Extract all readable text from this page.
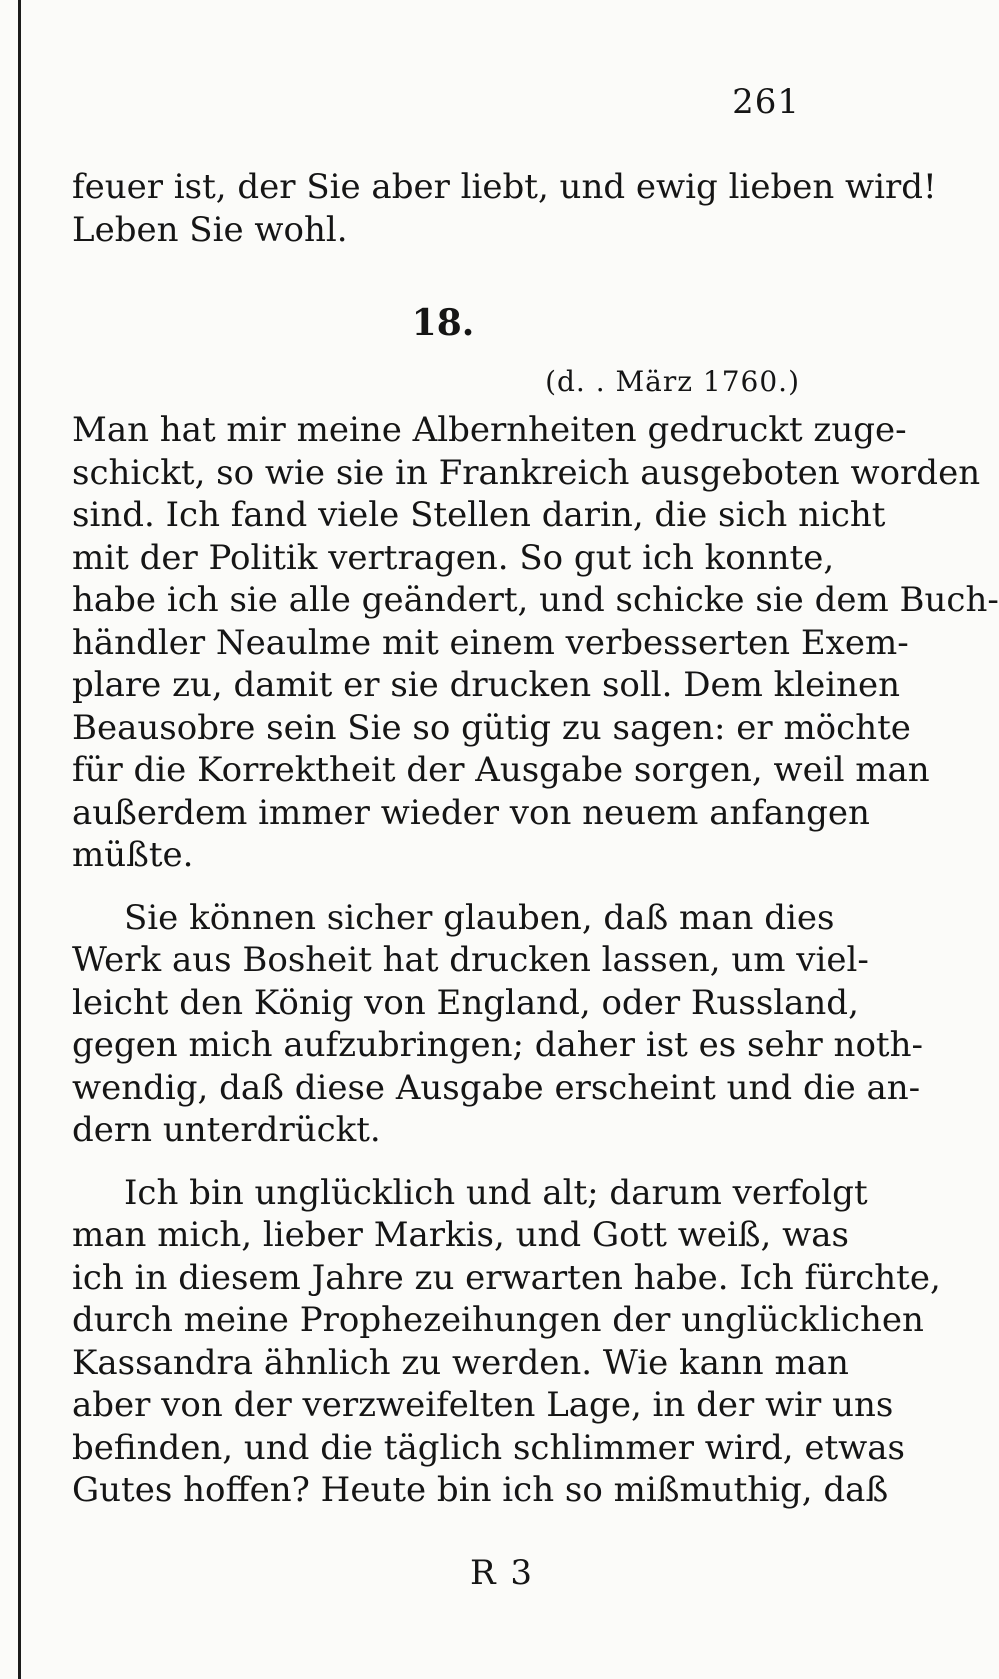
261
feuer ist, der Sie aber liebt, und ewig lieben wird!
Leben Sie wohl.
18.
(d. . März 1760.)
Man hat mir meine Albernheiten gedruckt zuge-
schickt, so wie sie in Frankreich ausgeboten worden
sind. Ich fand viele Stellen darin, die sich nicht
mit der Politik vertragen. So gut ich konnte,
habe ich sie alle geändert, und schicke sie dem Buch-
händler Neaulme mit einem verbesserten Exem-
plare zu, damit er sie drucken soll. Dem kleinen
Beausobre sein Sie so gütig zu sagen: er möchte
für die Korrektheit der Ausgabe sorgen, weil man
außerdem immer wieder von neuem anfangen
müßte.
Sie können sicher glauben, daß man dies
Werk aus Bosheit hat drucken lassen, um viel-
leicht den König von England, oder Russland,
gegen mich aufzubringen; daher ist es sehr noth-
wendig, daß diese Ausgabe erscheint und die an-
dern unterdrückt.
Ich bin unglücklich und alt; darum verfolgt
man mich, lieber Markis, und Gott weiß, was
ich in diesem Jahre zu erwarten habe. Ich fürchte,
durch meine Prophezeihungen der unglücklichen
Kassandra ähnlich zu werden. Wie kann man
aber von der verzweifelten Lage, in der wir uns
befinden, und die täglich schlimmer wird, etwas
Gutes hoffen? Heute bin ich so mißmuthig, daß
R 3
